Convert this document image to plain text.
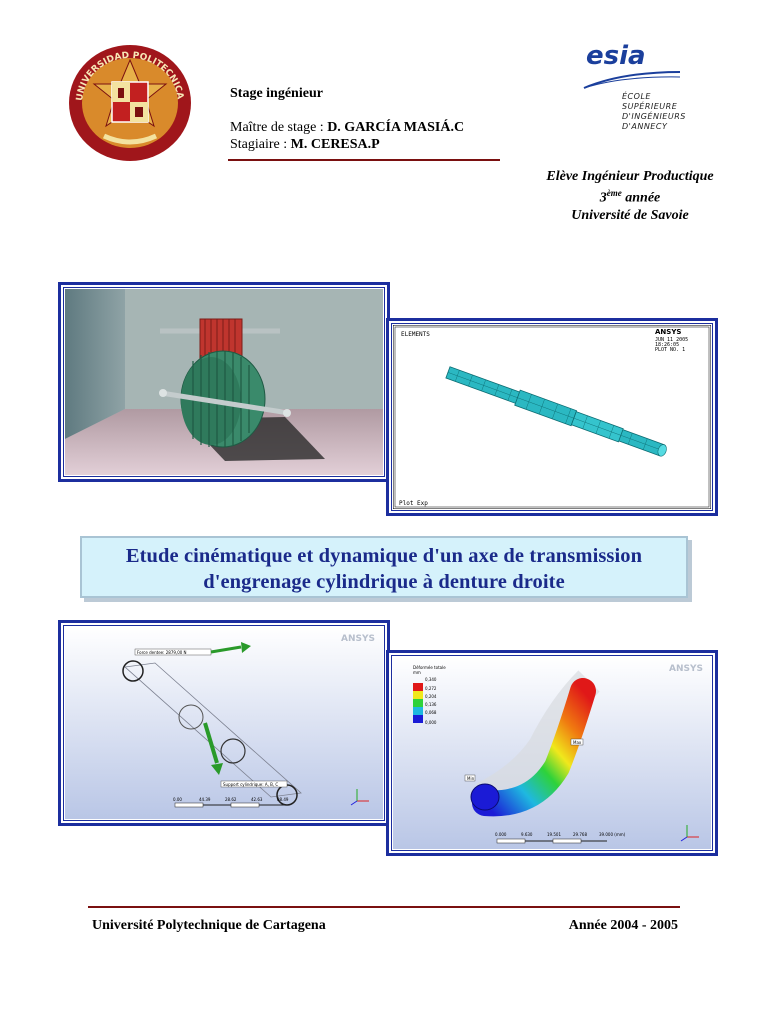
UNIVERSIDAD POLITECNICA	Stage ingénieur
Maître de stage : D. GARCÍA MASIÁ.C
Stagiaire : M. CERESA.P
esia
ÉCOLE
SUPÉRIEURE
D'INGÉNIEURS
D'ANNECY
Elève Ingénieur Productique
3ème année
Université de Savoie
ELEMENTS	ANSYS
JUN 11 2005
18:26:05
PLOT NO. 1
Plot Exp
Etude cinématique et dynamique d'un axe de transmission
d'engrenage cylindrique à denture droite
ANSYS
Force dentee: 2879,00 N
Support cylindrique: A, B, C
0.00	44.39	28.62	42.63	88.49
ANSYS
Déformée totale
mm
0,340
0,272
0,204
0,136
0,068
0,000
Max
Min
0.000	9.630	19.501	29.768	39.000 (mm)
Université Polytechnique de Cartagena	Année 2004 - 2005
